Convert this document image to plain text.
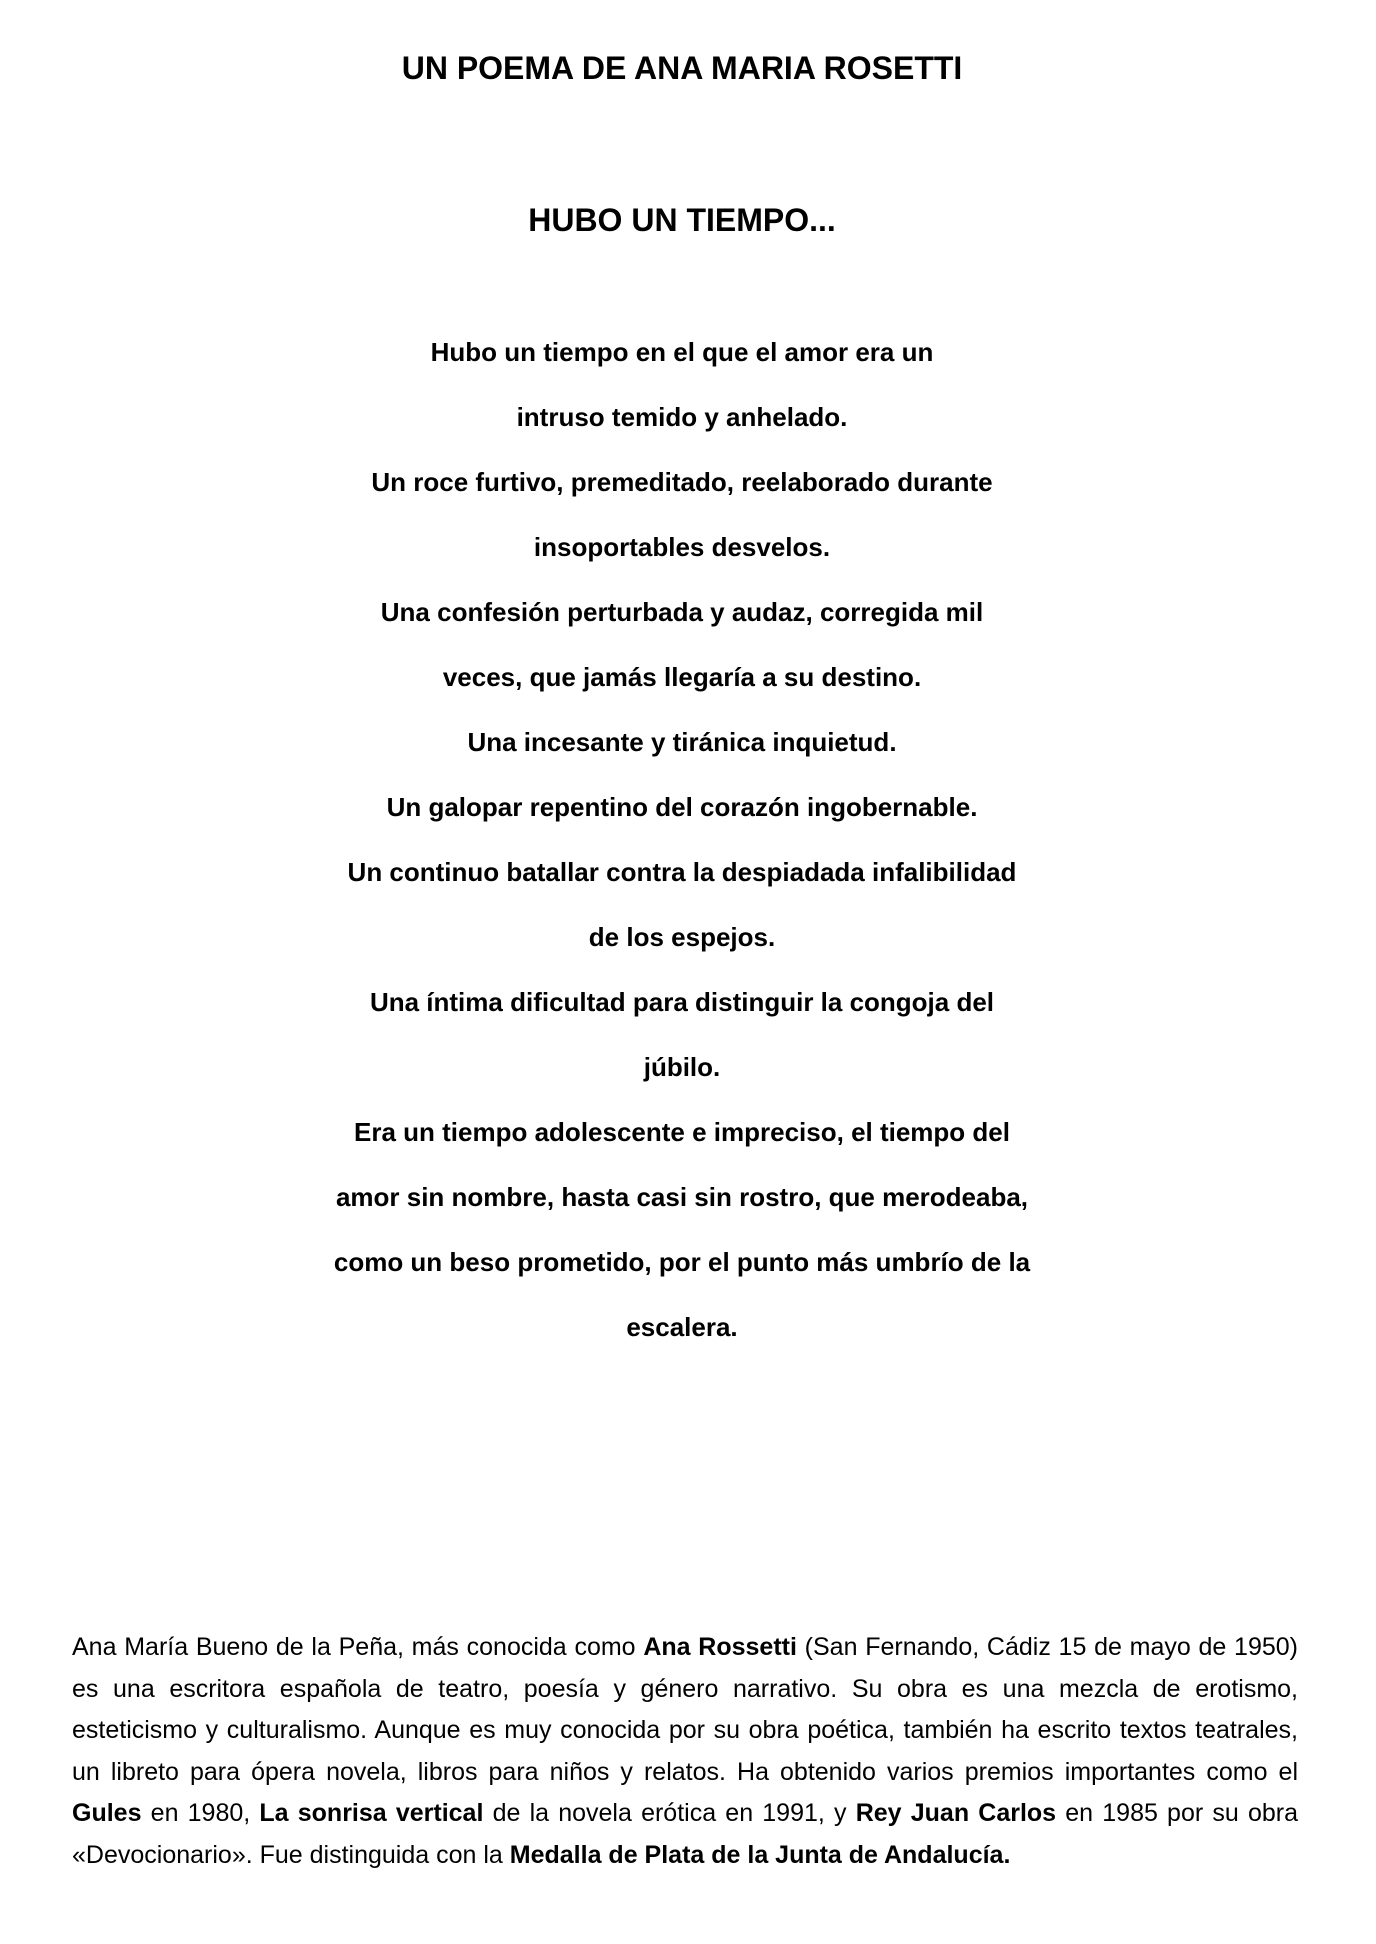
UN POEMA DE ANA MARIA ROSETTI
HUBO UN TIEMPO...
Hubo un tiempo en el que el amor era un
intruso temido y anhelado.
Un roce furtivo, premeditado, reelaborado durante
insoportables desvelos.
Una confesión perturbada y audaz, corregida mil
veces, que jamás llegaría a su destino.
Una incesante y tiránica inquietud.
Un galopar repentino del corazón ingobernable.
Un continuo batallar contra la despiadada infalibilidad
de los espejos.
Una íntima dificultad para distinguir la congoja del
júbilo.
Era un tiempo adolescente e impreciso, el tiempo del
amor sin nombre, hasta casi sin rostro, que merodeaba,
como un beso prometido, por el punto más umbrío de la
escalera.

Ana María Bueno de la Peña, más conocida como Ana Rossetti (San Fernando, Cádiz 15 de mayo de 1950) es una escritora española de teatro, poesía y género narrativo. Su obra es una mezcla de erotismo, esteticismo y culturalismo. Aunque es muy conocida por su obra poética, también ha escrito textos teatrales, un libreto para ópera novela, libros para niños y relatos. Ha obtenido varios premios importantes como el Gules en 1980, La sonrisa vertical de la novela erótica en 1991, y Rey Juan Carlos en 1985 por su obra «Devocionario». Fue distinguida con la Medalla de Plata de la Junta de Andalucía.
